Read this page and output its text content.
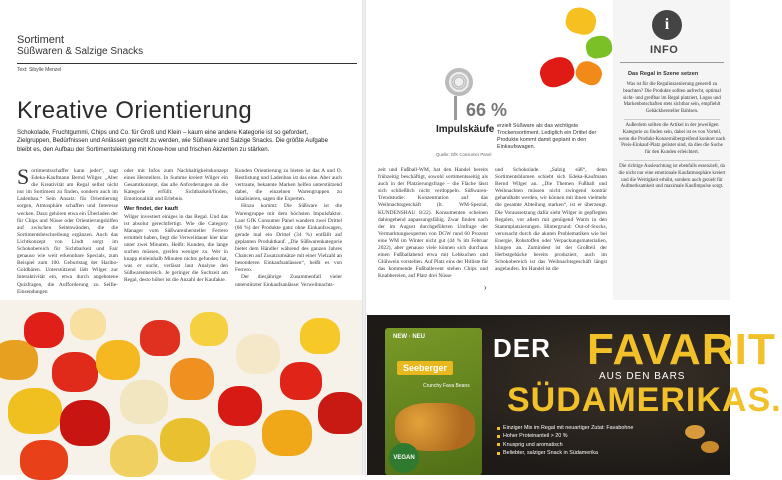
Sortiment
Süßwaren & Salzige Snacks
Text: Sibylle Menzel
Kreative Orientierung
Schokolade, Fruchtgummi, Chips und Co. für Groß und Klein – kaum eine andere Kategorie ist so gefordert, Zielgruppen, Bedürfnissen und Anlässen gerecht zu werden, wie Süßware und Salzige Snacks. Die größte Aufgabe bleibt es, den Aufbau der Sortimentsleistung mit Know-how und frischen Akzenten zu stärken.
S ortimentsschaffer kann jeder“, sagt Edeka-Kaufmann Bernd Wilger. „Aber die Kreativität am Regal selbst nicht nur im Sortiment zu finden, sondern auch im Ladenbau.“ Sein Ansatz: für Orientierung sorgen, Atmosphäre schaffen und Interesse wecken. Dazu gehören etwa ein Überladen der für Chips und Nüsse oder Orientierungshilfen auf zwischen Seitenwänden, die die Sortimentsbeschreibung ergänzen. Auch das Lichtkonzept von Lindt sorgt im Schokobereich für Sichtbarkeit und Fair genauso wie weit erkennbare Specials, zum Beispiel zum 100. Geburtstag der Haribo-Goldbären. Unterstützend lädt Wilger zur Interaktivität ein, etwa durch angebotene Quizfragen, die Aufforderung zu Selfie-Einsendungen

oder mit Infos zum Nachhaltigkeitskonzept eines Herstellers. In Summe kreiert Wilger ein Gesamtkonzept, das alle Anforderungen an die Kategorie erfüllt: Sichtbarkeit/finden, Emotionalität und Erlebnis.

Wer findet, der kauft

Wilger investiert einiges in das Regal. Und das ist absolut gerechtfertigt. Wie die Category Manager vom Süßwarenhersteller Ferrero ermittelt haben, liegt die Verweildauer hier klar unter zwei Minuten. Heißt: Kunden, die lange suchen müssen, greifen weniger zu. Wer in knapp einleinhalb Minuten nichts gefunden hat, was er sucht, verlässt laut Analyse den Süßwarenbereich. Je geringer die Suchzeit am Regal, desto höher ist die Anzahl der Kaufakte.

Kunden Orientierung zu bieten ist das A und O. Bestlistung und Ladenbau ist das eine. Aber auch vertraute, bekannte Marken helfen unterstützend dabei, die einzelnen Warengruppen zu lokalisieren, sagen die Experten.

Hinzu kommt: Die Süßware ist die Warengruppe mit dem höchsten Impulsfaktor. Laut GfK Consumer Panel wandern zwei Drittel (66 %) der Produkte ganz ohne Einkaufswagen, gerade mal ein Drittel (34 %) entfällt auf geplanten Produktkauf. „Die Süßwarenkategorie bietet dem Händler während des ganzen Jahres Chancen auf Zusatzumsätze mit einer Vielzahl an besonderen Einkaufsanlässen“, heißt es von Ferrero.

Der diesjährige Zusammenfall vieler unterstützter Einkaufsanlässe: Verweihnachts-

66 %
Impulskäufe erzielt Süßware als das wichtigste Trockensortiment. Lediglich ein Drittel der Produkte kommt damit geplant in den Einkaufswagen.
Quelle: GfK Consumer Panel

zeit und Fußball-WM, hat den Handel bereits frühzeitig beschäftigt, sowohl sortimentsseitig als auch in der Platzierungsfrage – die Fläche lässt sich schließlich nicht verdoppeln. Süßwaren-Trendstudie: Konzentration auf das Weihnachtsgeschäft (lt. WM-Spezial, KUNDENSHAU 8/22). Konsumenten scheinen dahingehend anpassungsfähig. Zwar finden nach der im August durchgeführten Umfrage der Vermarktungsexperten von DGW rund 60 Prozent eine WM im Winter nicht gut (44 % im Februar 2022), aber genauso viele können sich durchaus einen Fußballabend etwa mit Lebkuchen und Glühwein vorstellen. Auf Platz eins der Hitliste für das kommende Fußballevent stehen Chips und Knabbereien, auf Platz drei Nüsse

und Schokolade. „Salzig süß“, denn Sortimentsblumen schiebt sich Edeka-Kaufmann Bernd Wilger an. „Die Themen Fußball und Weihnachten müssen nicht zwingend konträr gehandhabt werden, wir können mit ihnen vielmehr die gesamte Abteilung starken“, ist er überzeugt. Die Voraussetzung dafür sieht Wilger in gepflegten Regalen, vor allem mit genügend Warm in den Stammplatzierungen. Hintergrund: Out-of-Stocks, verursacht durch die akuten Problematiken wie bei Energie, Rohstoffen oder Verpackungsmaterialien, klingen an. Zumindest ist der Großteil der Herbstgebäcke bereits produziert, auch im Schokobereich ist das Weihnachtsgeschäft längst angelaufen. Im Handel ist die

›
i
INFO
Das Regal in Szene setzen

Was ist für die Regalinszenierung generell zu beachten? Die Produkte sollten aufrecht, optimal sicht- und greifbar im Regal platziert, Logos und Markenbotschaften stets sichtbar sein, empfiehlt Gebäckhersteller Bahlsen.

Außerdem sollten die Artikel in der jeweiligen Kategorie zu finden sein, dabei ist es von Vorteil, wenn die Produkt-Konzernübergreifend konkret nach Preis-Einkauf-Platz gelistet sind, da dies die Suche für den Kunden erleichtert.

Die richtige Ausleuchtung ist ebenfalls essenziell, da die nicht nur eine emotionale Kaufatmosphäre kreiert und die Wertigkeit erhöht, sondern auch gezielt für Aufmerksamkeit und maximale Kaufimpulse sorgt.

NEW · NEU
Seeberger
Crunchy Fava Beans
VEGAN
DER FAVARIT
AUS DEN BARS
SÜDAMERIKAS.
Einziger Mix im Regal mit neuartiger Zutat: Favabohne
Hoher Proteinanteil > 20 %
Knusprig und aromatisch
Beliebter, salziger Snack in Südamerika
